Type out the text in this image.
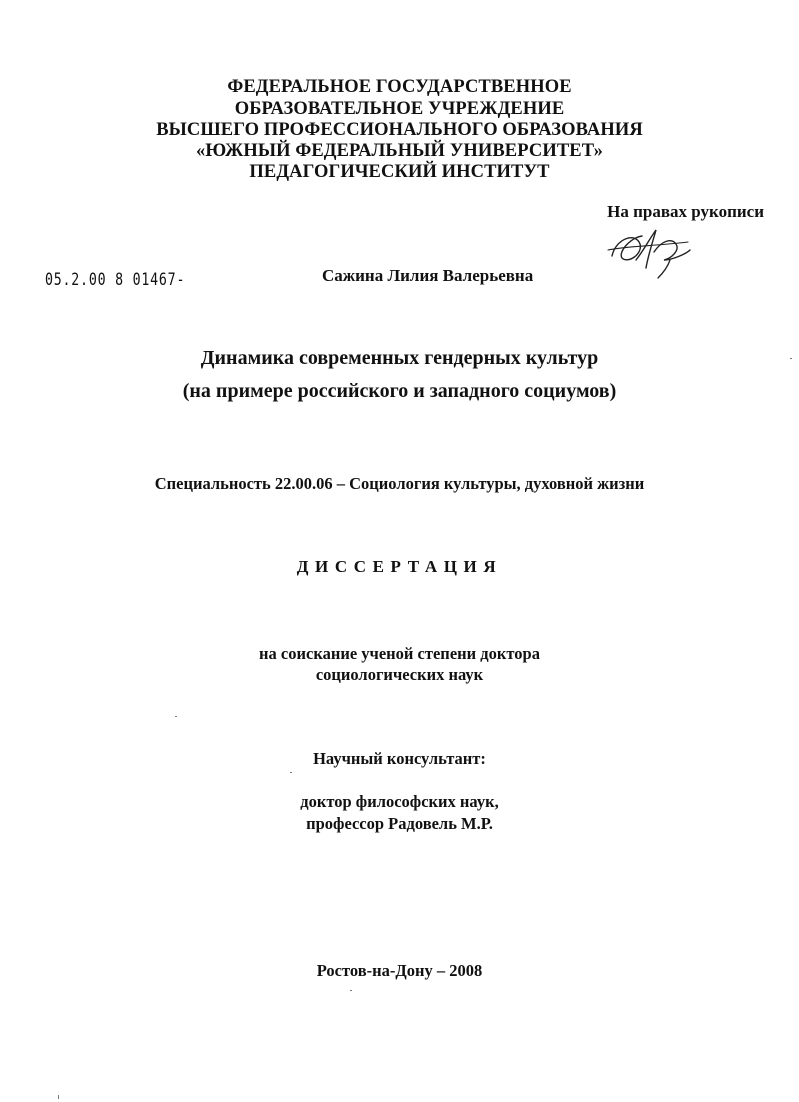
ФЕДЕРАЛЬНОЕ ГОСУДАРСТВЕННОЕ
ОБРАЗОВАТЕЛЬНОЕ УЧРЕЖДЕНИЕ
ВЫСШЕГО ПРОФЕССИОНАЛЬНОГО ОБРАЗОВАНИЯ
«ЮЖНЫЙ ФЕДЕРАЛЬНЫЙ УНИВЕРСИТЕТ»
ПЕДАГОГИЧЕСКИЙ ИНСТИТУТ
На правах рукописи
05.2.00 8 01467-	Сажина Лилия Валерьевна
Динамика современных гендерных культур
(на примере российского и западного социумов)
Специальность 22.00.06 – Социология культуры, духовной жизни
ДИССЕРТАЦИЯ
на соискание ученой степени доктора
социологических наук
Научный консультант:
доктор философских наук,
профессор Радовель М.Р.
Ростов-на-Дону – 2008
